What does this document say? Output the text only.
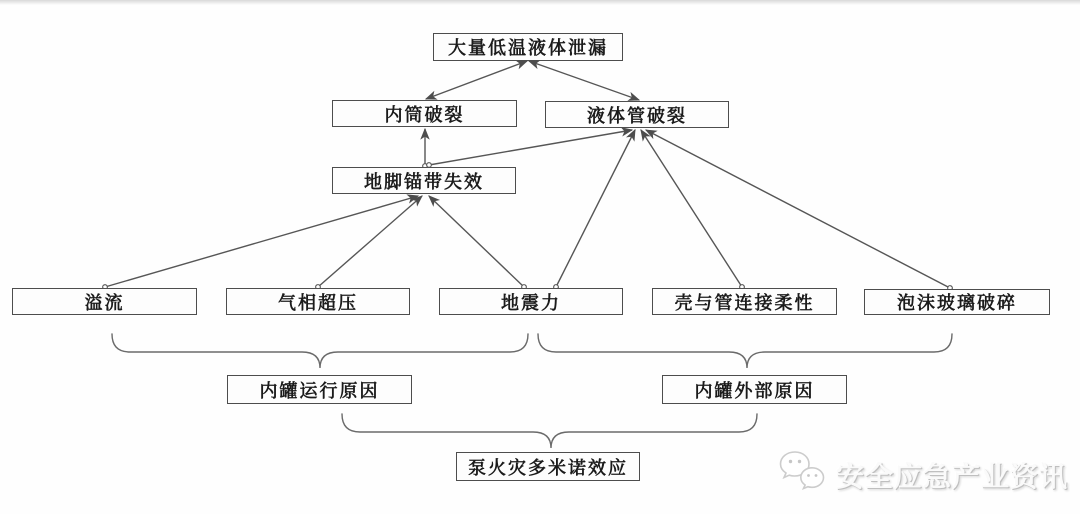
大量低温液体泄漏
内筒破裂	液体管破裂
地脚锚带失效
溢流	气相超压	地震力	壳与管连接柔性	泡沫玻璃破碎
内罐运行原因	内罐外部原因
泵火灾多米诺效应	安全应急产业资讯
